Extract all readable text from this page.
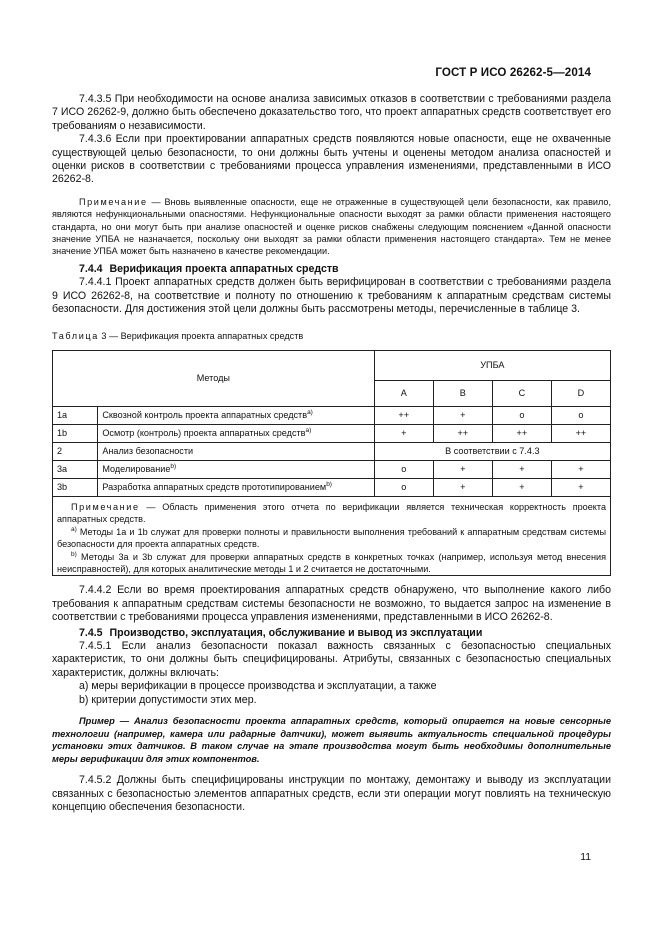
ГОСТ Р ИСО 26262-5—2014

7.4.3.5 При необходимости на основе анализа зависимых отказов в соответствии с требованиями раздела 7 ИСО 26262-9, должно быть обеспечено доказательство того, что проект аппаратных средств соответствует его требованиям о независимости.

7.4.3.6 Если при проектировании аппаратных средств появляются новые опасности, еще не охваченные существующей целью безопасности, то они должны быть учтены и оценены методом анализа опасностей и оценки рисков в соответствии с требованиями процесса управления изменениями, представленными в ИСО 26262-8.

Примечание — Вновь выявленные опасности, еще не отраженные в существующей цели безопасности, как правило, являются нефункциональными опасностями. Нефункциональные опасности выходят за рамки области применения настоящего стандарта, но они могут быть при анализе опасностей и оценке рисков снабжены следующим пояснением «Данной опасности значение УПБА не назначается, поскольку они выходят за рамки области применения настоящего стандарта». Тем не менее значение УПБА может быть назначено в качестве рекомендации.

7.4.4 Верификация проекта аппаратных средств

7.4.4.1 Проект аппаратных средств должен быть верифицирован в соответствии с требованиями раздела 9 ИСО 26262-8, на соответствие и полноту по отношению к требованиям к аппаратным средствам системы безопасности. Для достижения этой цели должны быть рассмотрены методы, перечисленные в таблице 3.

Таблица 3 — Верификация проекта аппаратных средств

Методы		УПБА			
		A	B	C	D
1a	Сквозной контроль проекта аппаратных средств$^{a)}$	++	+	o	o
1b	Осмотр (контроль) проекта аппаратных средств$^{a)}$	+	++	++	++
2	Анализ безопасности	В соответствии с 7.4.3			
3a	Моделирование$^{b)}$	o	+	+	+
3b	Разработка аппаратных средств прототипированием$^{b)}$	o	+	+	+

Примечание — Область применения этого отчета по верификации является техническая корректность проекта аппаратных средств.

$^{a)}$ Методы 1a и 1b служат для проверки полноты и правильности выполнения требований к аппаратным средствам системы безопасности для проекта аппаратных средств.

$^{b)}$ Методы 3a и 3b служат для проверки аппаратных средств в конкретных точках (например, используя метод внесения неисправностей), для которых аналитические методы 1 и 2 считается не достаточными.					

7.4.4.2 Если во время проектирования аппаратных средств обнаружено, что выполнение какого либо требования к аппаратным средствам системы безопасности не возможно, то выдается запрос на изменение в соответствии с требованиями процесса управления изменениями, представленными в ИСО 26262-8.

7.4.5 Производство, эксплуатация, обслуживание и вывод из эксплуатации

7.4.5.1 Если анализ безопасности показал важность связанных с безопасностью специальных характеристик, то они должны быть специфицированы. Атрибуты, связанных с безопасностью специальных характеристик, должны включать:

a) меры верификации в процессе производства и эксплуатации, а также

b) критерии допустимости этих мер.

Пример — Анализ безопасности проекта аппаратных средств, который опирается на новые сенсорные технологии (например, камера или радарные датчики), может выявить актуальность специальной процедуры установки этих датчиков. В таком случае на этапе производства могут быть необходимы дополнительные меры верификации для этих компонентов.

7.4.5.2 Должны быть специфицированы инструкции по монтажу, демонтажу и выводу из эксплуатации связанных с безопасностью элементов аппаратных средств, если эти операции могут повлиять на техническую концепцию обеспечения безопасности.

11
